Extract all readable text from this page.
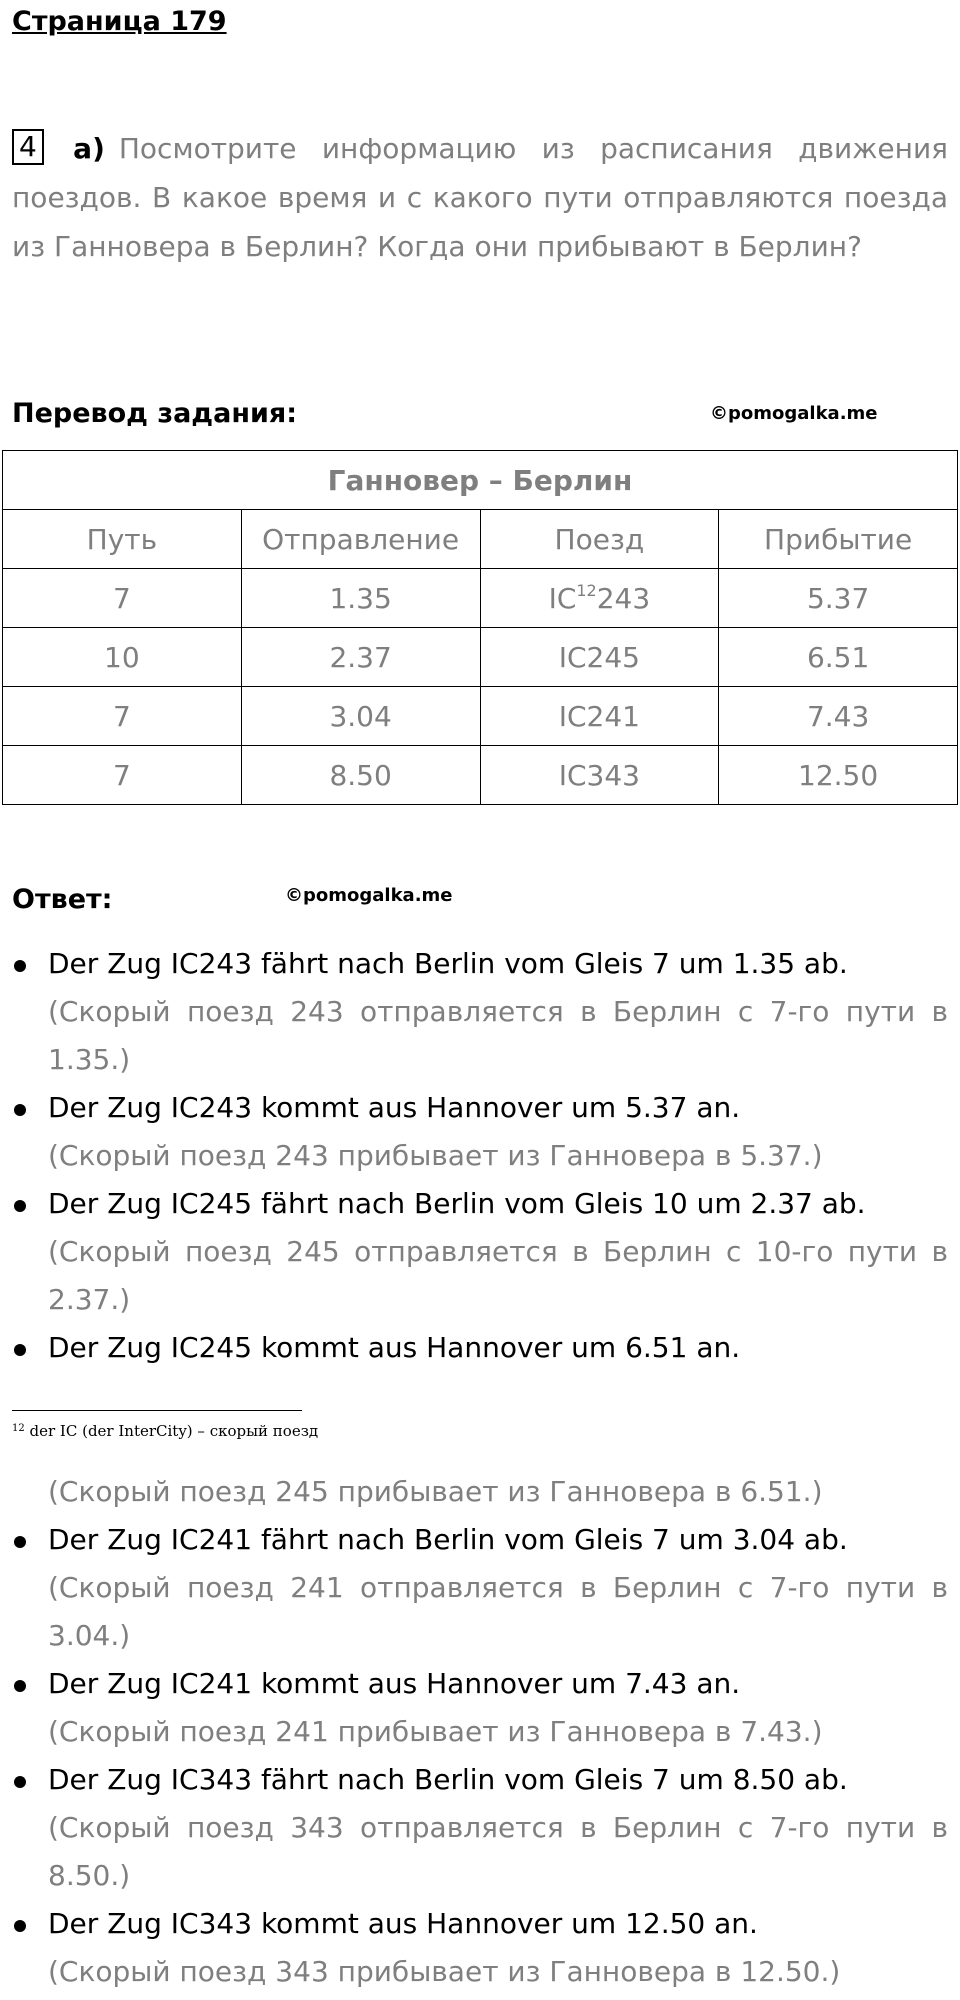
Страница 179
4 а) Посмотрите информацию из расписания движения поездов. В какое время и с какого пути отправляются поезда из Ганновера в Берлин? Когда они прибывают в Берлин?
Перевод задания:	©pomogalka.me
Ганновер – Берлин			
Путь	Отправление	Поезд	Прибытие
7	1.35	IC$^{12}$243	5.37
10	2.37	IC245	6.51
7	3.04	IC241	7.43
7	8.50	IC343	12.50
Ответ:	©pomogalka.me
Der Zug IC243 fährt nach Berlin vom Gleis 7 um 1.35 ab.
(Скорый поезд 243 отправляется в Берлин с 7-го пути в 1.35.)
Der Zug IC243 kommt aus Hannover um 5.37 an.
(Скорый поезд 243 прибывает из Ганновера в 5.37.)
Der Zug IC245 fährt nach Berlin vom Gleis 10 um 2.37 ab.
(Скорый поезд 245 отправляется в Берлин с 10-го пути в 2.37.)
Der Zug IC245 kommt aus Hannover um 6.51 an.
$^{12}$ der IC (der InterCity) – скорый поезд
(Скорый поезд 245 прибывает из Ганновера в 6.51.)
Der Zug IC241 fährt nach Berlin vom Gleis 7 um 3.04 ab.
(Скорый поезд 241 отправляется в Берлин с 7-го пути в 3.04.)
Der Zug IC241 kommt aus Hannover um 7.43 an.
(Скорый поезд 241 прибывает из Ганновера в 7.43.)
Der Zug IC343 fährt nach Berlin vom Gleis 7 um 8.50 ab.
(Скорый поезд 343 отправляется в Берлин с 7-го пути в 8.50.)
Der Zug IC343 kommt aus Hannover um 12.50 an.
(Скорый поезд 343 прибывает из Ганновера в 12.50.)
